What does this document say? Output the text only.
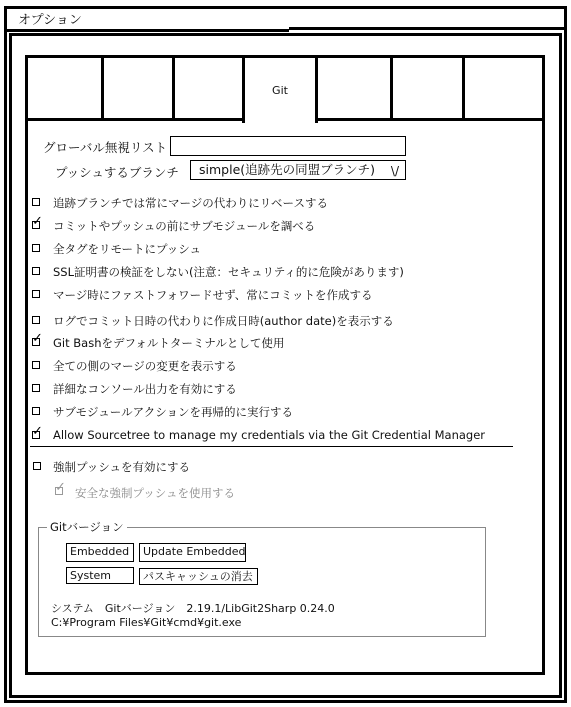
オプション
Git
グローバル無視リスト
プッシュするブランチ	simple(追跡先の同盟ブランチ) \/
追跡ブランチでは常にマージの代わりにリベースする
✓
コミットやプッシュの前にサブモジュールを調べる
全タグをリモートにプッシュ
SSL証明書の検証をしない(注意：セキュリティ的に危険があります)
マージ時にファストフォワードせず、常にコミットを作成する
ログでコミット日時の代わりに作成日時(author date)を表示する
✓
Git Bashをデフォルトターミナルとして使用
全ての側のマージの変更を表示する
詳細なコンソール出力を有効にする
サブモジュールアクションを再帰的に実行する
✓
Allow Sourcetree to manage my credentials via the Git Credential Manager
強制プッシュを有効にする
✓
安全な強制プッシュを使用する
Gitバージョン
Embedded	Update Embedded
System	パスキャッシュの消去
システム　Gitバージョン　2.19.1/LibGit2Sharp 0.24.0
C:¥Program Files¥Git¥cmd¥git.exe
